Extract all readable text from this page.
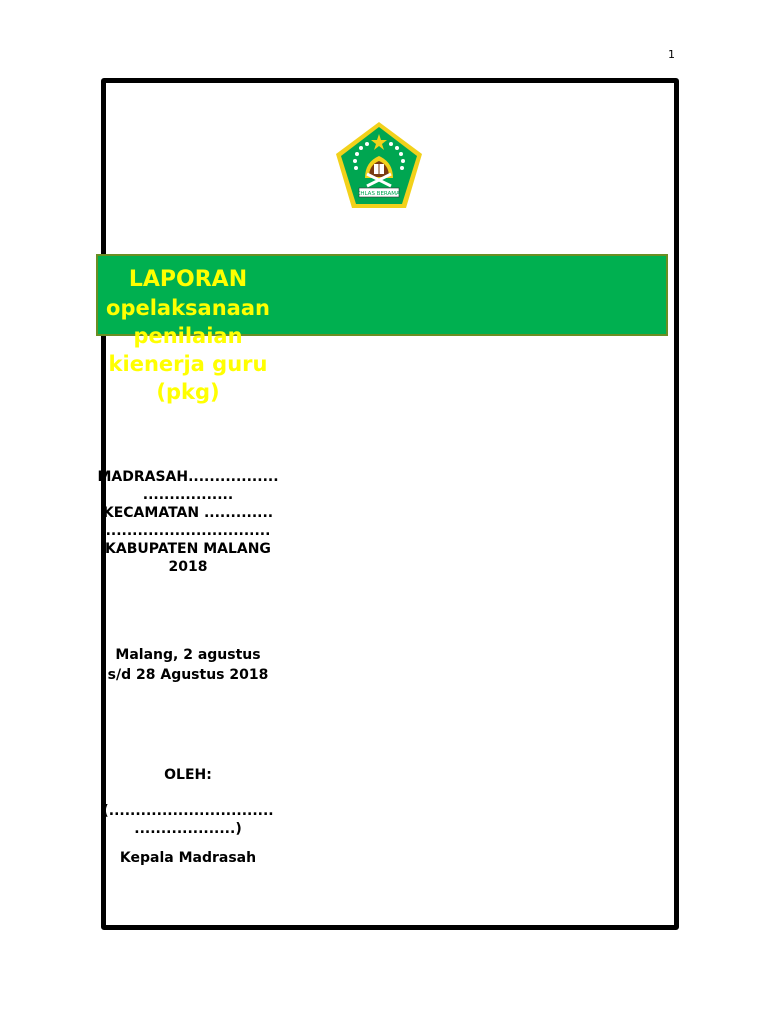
1
IKHLAS BERAMAL
LAPORAN
opelaksanaan
penilaian
kienerja guru
(pkg)
MADRASAH.................
.................
KECAMATAN .............
...............................
KABUPATEN MALANG
2018
Malang, 2 agustus
s/d 28 Agustus 2018
OLEH:
(...............................
...................)
Kepala Madrasah
